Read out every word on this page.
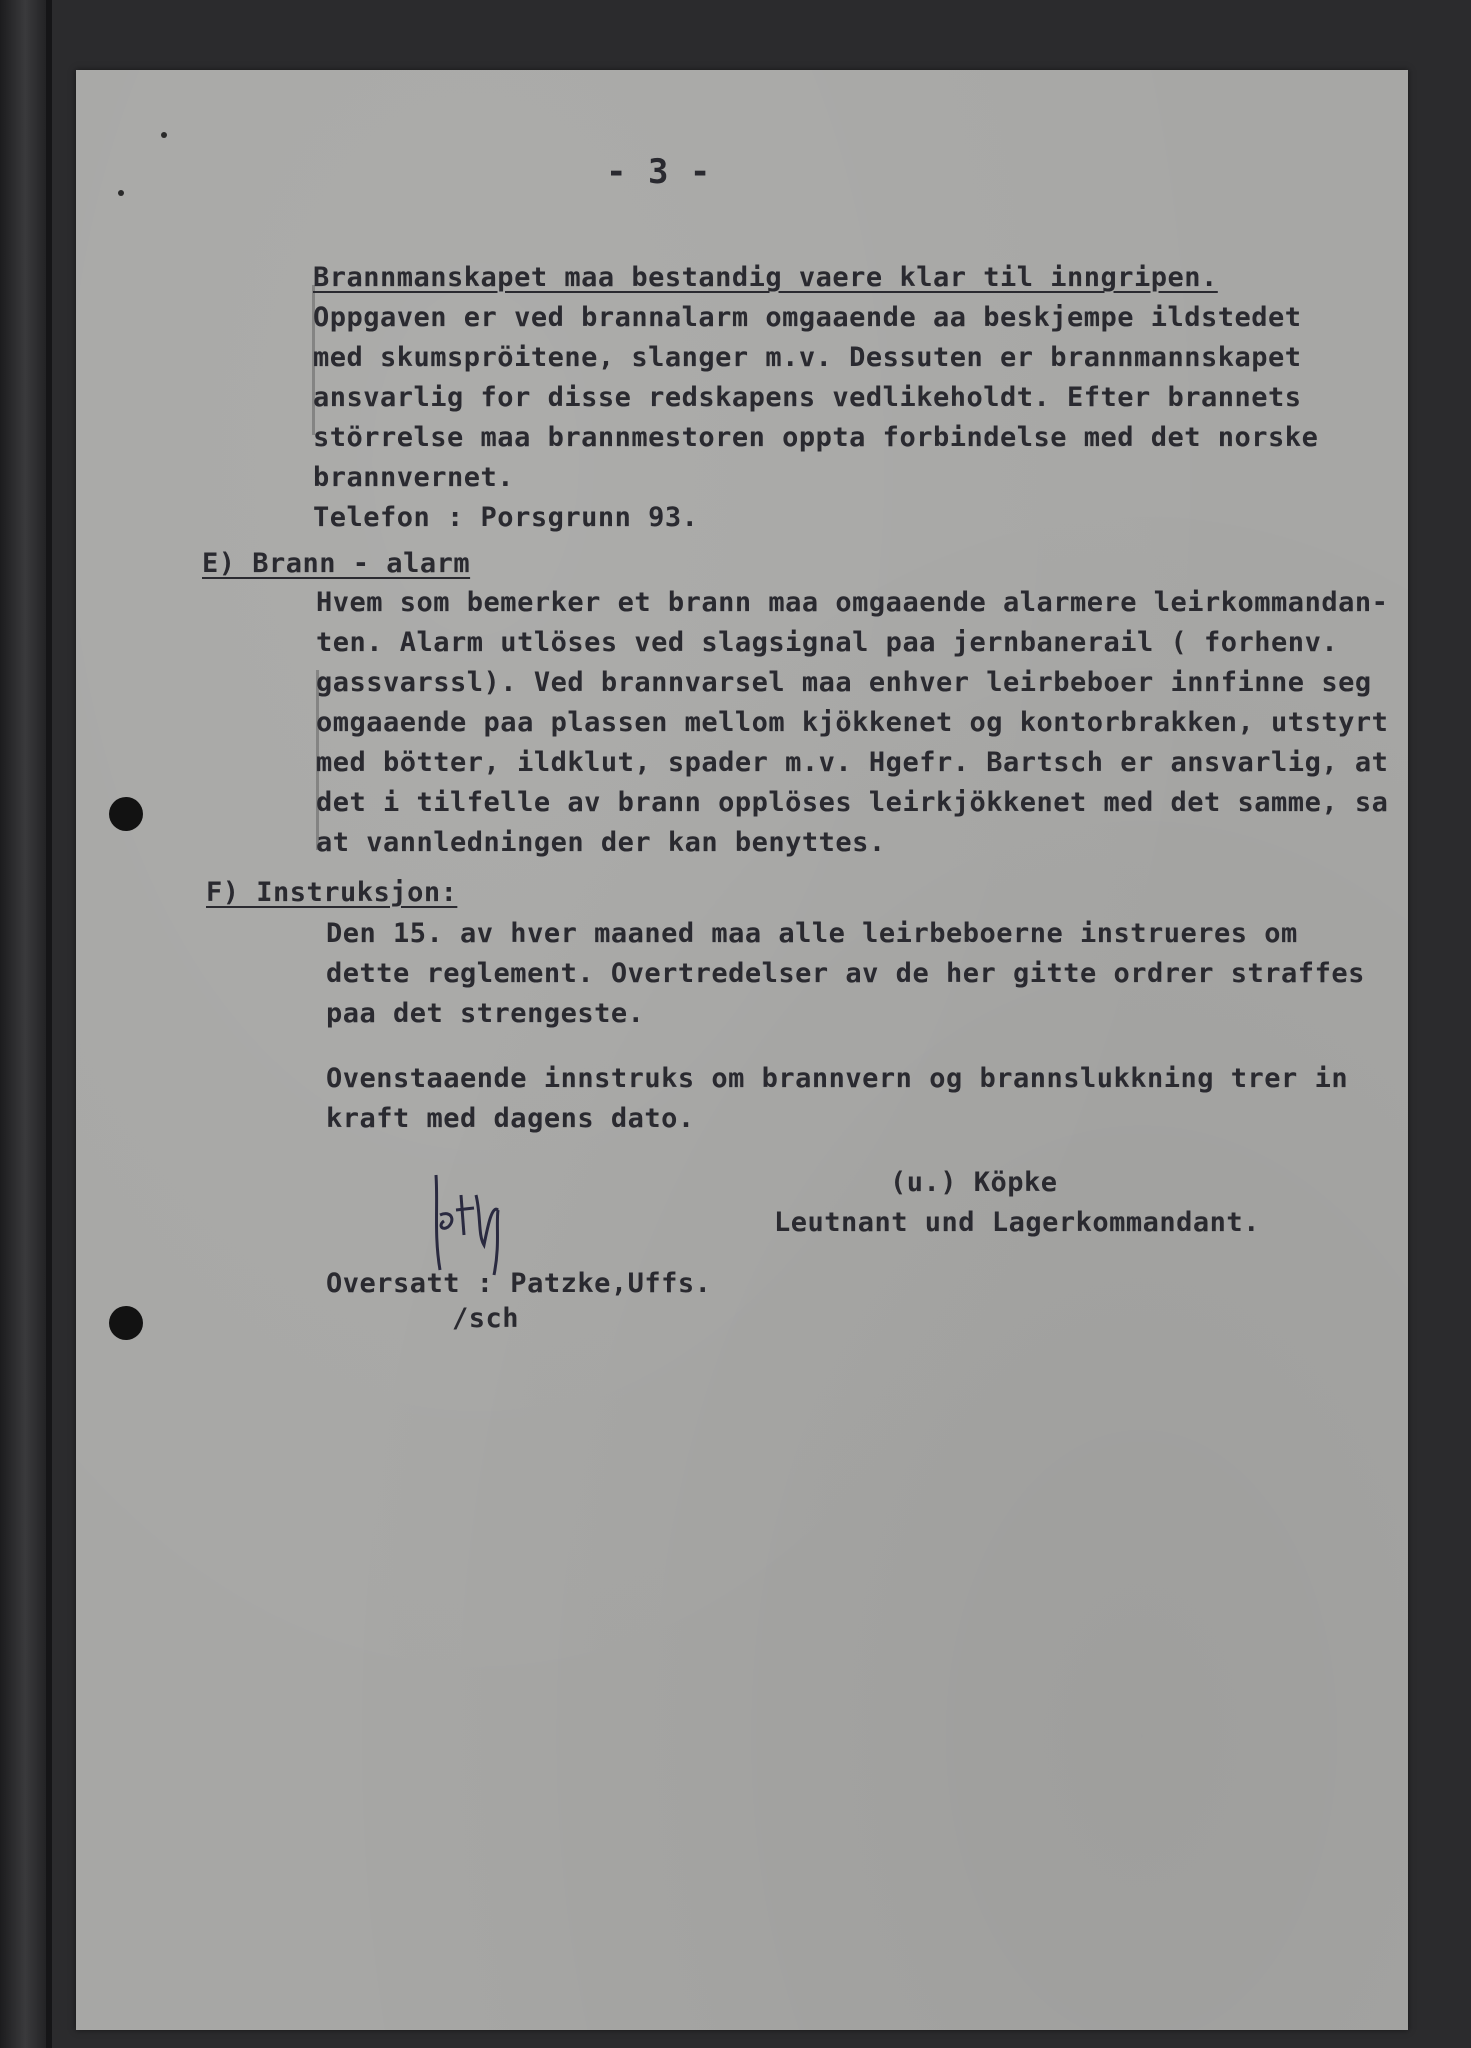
- 3 -
Brannmanskapet maa bestandig vaere klar til inngripen.
Oppgaven er ved brannalarm omgaaende aa beskjempe ildstedet
med skumspröitene, slanger m.v. Dessuten er brannmannskapet
ansvarlig for disse redskapens vedlikeholdt. Efter brannets
störrelse maa brannmestoren oppta forbindelse med det norske
brannvernet.
Telefon : Porsgrunn 93.
E) Brann - alarm
Hvem som bemerker et brann maa omgaaende alarmere leirkommandan-
ten. Alarm utlöses ved slagsignal paa jernbanerail ( forhenv.
gassvarssl). Ved brannvarsel maa enhver leirbeboer innfinne seg
omgaaende paa plassen mellom kjökkenet og kontorbrakken, utstyrt
med bötter, ildklut, spader m.v. Hgefr. Bartsch er ansvarlig, at
det i tilfelle av brann opplöses leirkjökkenet med det samme, sa
at vannledningen der kan benyttes.
F) Instruksjon:
Den 15. av hver maaned maa alle leirbeboerne instrueres om
dette reglement. Overtredelser av de her gitte ordrer straffes
paa det strengeste.
Ovenstaaende innstruks om brannvern og brannslukkning trer in
kraft med dagens dato.
(u.) Köpke
Leutnant und Lagerkommandant.
Oversatt : Patzke,Uffs.
/sch
